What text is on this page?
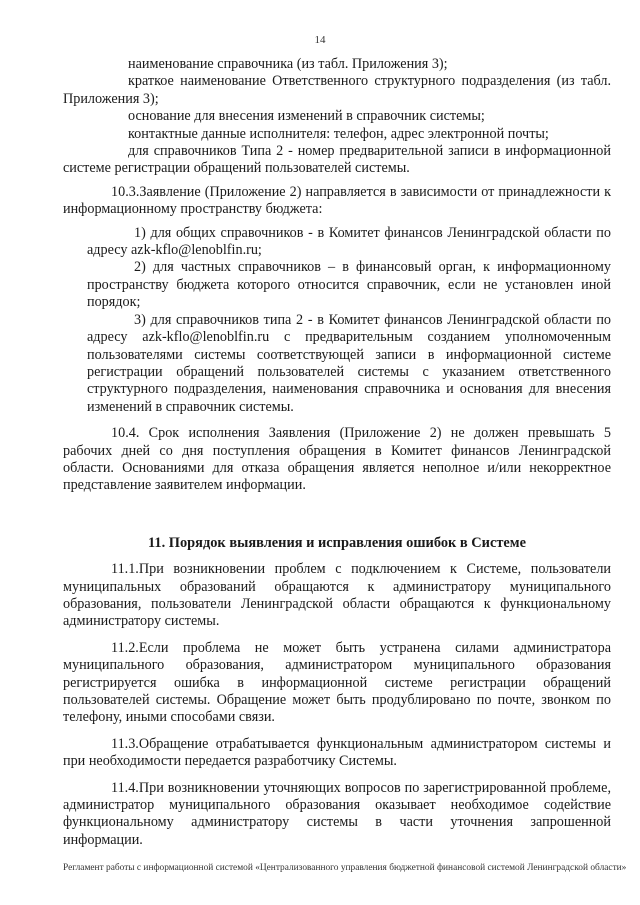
14

наименование справочника (из табл. Приложения 3);

краткое наименование Ответственного структурного подразделения (из табл. Приложения 3);

основание для внесения изменений в справочник системы;

контактные данные исполнителя: телефон, адрес электронной почты;

для справочников Типа 2 - номер предварительной записи в информационной системе регистрации обращений пользователей системы.

10.3.Заявление (Приложение 2) направляется в зависимости от принадлежности к информационному пространству бюджета:

1) для общих справочников - в Комитет финансов Ленинградской области по адресу azk-kflo@lenoblfin.ru;

2) для частных справочников – в финансовый орган, к информационному пространству бюджета которого относится справочник, если не установлен иной порядок;

3) для справочников типа 2 - в Комитет финансов Ленинградской области по адресу azk-kflo@lenoblfin.ru с предварительным созданием уполномоченным пользователями системы соответствующей записи в информационной системе регистрации обращений пользователей системы с указанием ответственного структурного подразделения, наименования справочника и основания для внесения изменений в справочник системы.

10.4. Срок исполнения Заявления (Приложение 2) не должен превышать 5 рабочих дней со дня поступления обращения в Комитет финансов Ленинградской области. Основаниями для отказа обращения является неполное и/или некорректное представление заявителем информации.

11. Порядок выявления и исправления ошибок в Системе

11.1.При возникновении проблем с подключением к Системе, пользователи муниципальных образований обращаются к администратору муниципального образования, пользователи Ленинградской области обращаются к функциональному администратору системы.

11.2.Если проблема не может быть устранена силами администратора муниципального образования, администратором муниципального образования регистрируется ошибка в информационной системе регистрации обращений пользователей системы. Обращение может быть продублировано по почте, звонком по телефону, иными способами связи.

11.3.Обращение отрабатывается функциональным администратором системы и при необходимости передается разработчику Системы.

11.4.При возникновении уточняющих вопросов по зарегистрированной проблеме, администратор муниципального образования оказывает необходимое содействие функциональному администратору системы в части уточнения запрошенной информации.

Регламент работы с информационной системой «Централизованного управления бюджетной финансовой системой Ленинградской области»
